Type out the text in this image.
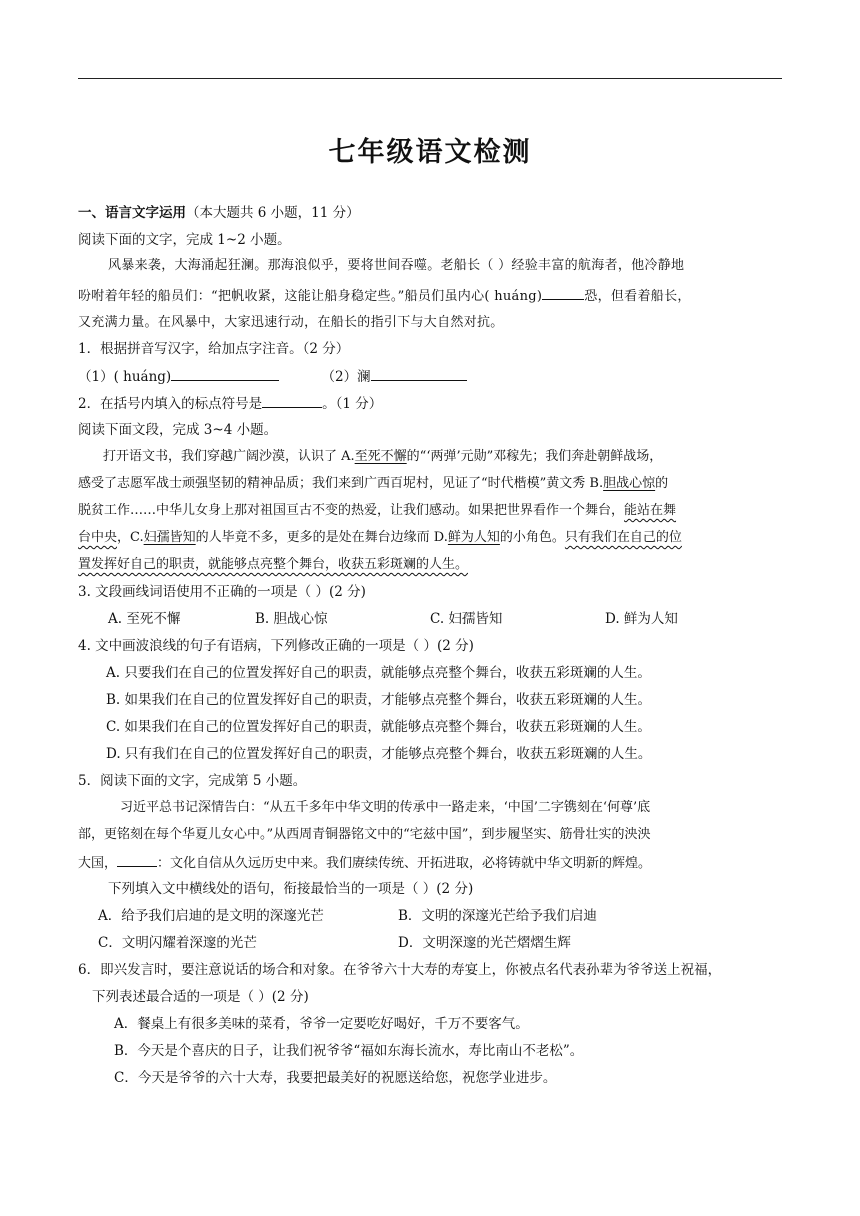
七年级语文检测
一、语言文字运用（本大题共 6 小题，11 分）
阅读下面的文字，完成 1~2 小题。
风暴来袭，大海涌起狂澜。那海浪似乎，要将世间吞噬。老船长（ ）经验丰富的航海者，他冷静地
吩咐着年轻的船员们：“把帆收紧，这能让船身稳定些。”船员们虽内心( huáng)	恐，但看着船长，
又充满力量。在风暴中，大家迅速行动，在船长的指引下与大自然对抗。
1．根据拼音写汉字，给加点字注音。（2 分）
（1）( huáng)	（2）澜
2．在括号内填入的标点符号是	。（1 分）
阅读下面文段，完成 3~4 小题。
打开语文书，我们穿越广阔沙漠，认识了 A.至死不懈的“‘两弹’元勋”邓稼先；我们奔赴朝鲜战场，
感受了志愿军战士顽强坚韧的精神品质；我们来到广西百坭村，见证了“时代楷模”黄文秀 B.胆战心惊的
脱贫工作……中华儿女身上那对祖国亘古不变的热爱，让我们感动。如果把世界看作一个舞台，能站在舞
台中央，C.妇孺皆知的人毕竟不多，更多的是处在舞台边缘而 D.鲜为人知的小角色。只有我们在自己的位
置发挥好自己的职责，就能够点亮整个舞台，收获五彩斑斓的人生。
3. 文段画线词语使用不正确的一项是（ ）(2 分)
A. 至死不懈	B. 胆战心惊	C. 妇孺皆知	D. 鲜为人知
4. 文中画波浪线的句子有语病，下列修改正确的一项是（ ）(2 分)
A. 只要我们在自己的位置发挥好自己的职责，就能够点亮整个舞台，收获五彩斑斓的人生。
B. 如果我们在自己的位置发挥好自己的职责，才能够点亮整个舞台，收获五彩斑斓的人生。
C. 如果我们在自己的位置发挥好自己的职责，就能够点亮整个舞台，收获五彩斑斓的人生。
D. 只有我们在自己的位置发挥好自己的职责，才能够点亮整个舞台，收获五彩斑斓的人生。
5．阅读下面的文字，完成第 5 小题。
习近平总书记深情告白：“从五千多年中华文明的传承中一路走来，‘中国’二字镌刻在‘何尊’底
部，更铭刻在每个华夏儿女心中。”从西周青铜器铭文中的“宅兹中国”，到步履坚实、筋骨壮实的泱泱
大国，	：文化自信从久远历史中来。我们赓续传统、开拓进取，必将铸就中华文明新的辉煌。
下列填入文中横线处的语句，衔接最恰当的一项是（ ）(2 分)
A．给予我们启迪的是文明的深邃光芒	B．文明的深邃光芒给予我们启迪
C．文明闪耀着深邃的光芒	D．文明深邃的光芒熠熠生辉
6．即兴发言时，要注意说话的场合和对象。在爷爷六十大寿的寿宴上，你被点名代表孙辈为爷爷送上祝福，
下列表述最合适的一项是（ ）(2 分)
A．餐桌上有很多美味的菜肴，爷爷一定要吃好喝好，千万不要客气。
B．今天是个喜庆的日子，让我们祝爷爷“福如东海长流水，寿比南山不老松”。
C．今天是爷爷的六十大寿，我要把最美好的祝愿送给您，祝您学业进步。
